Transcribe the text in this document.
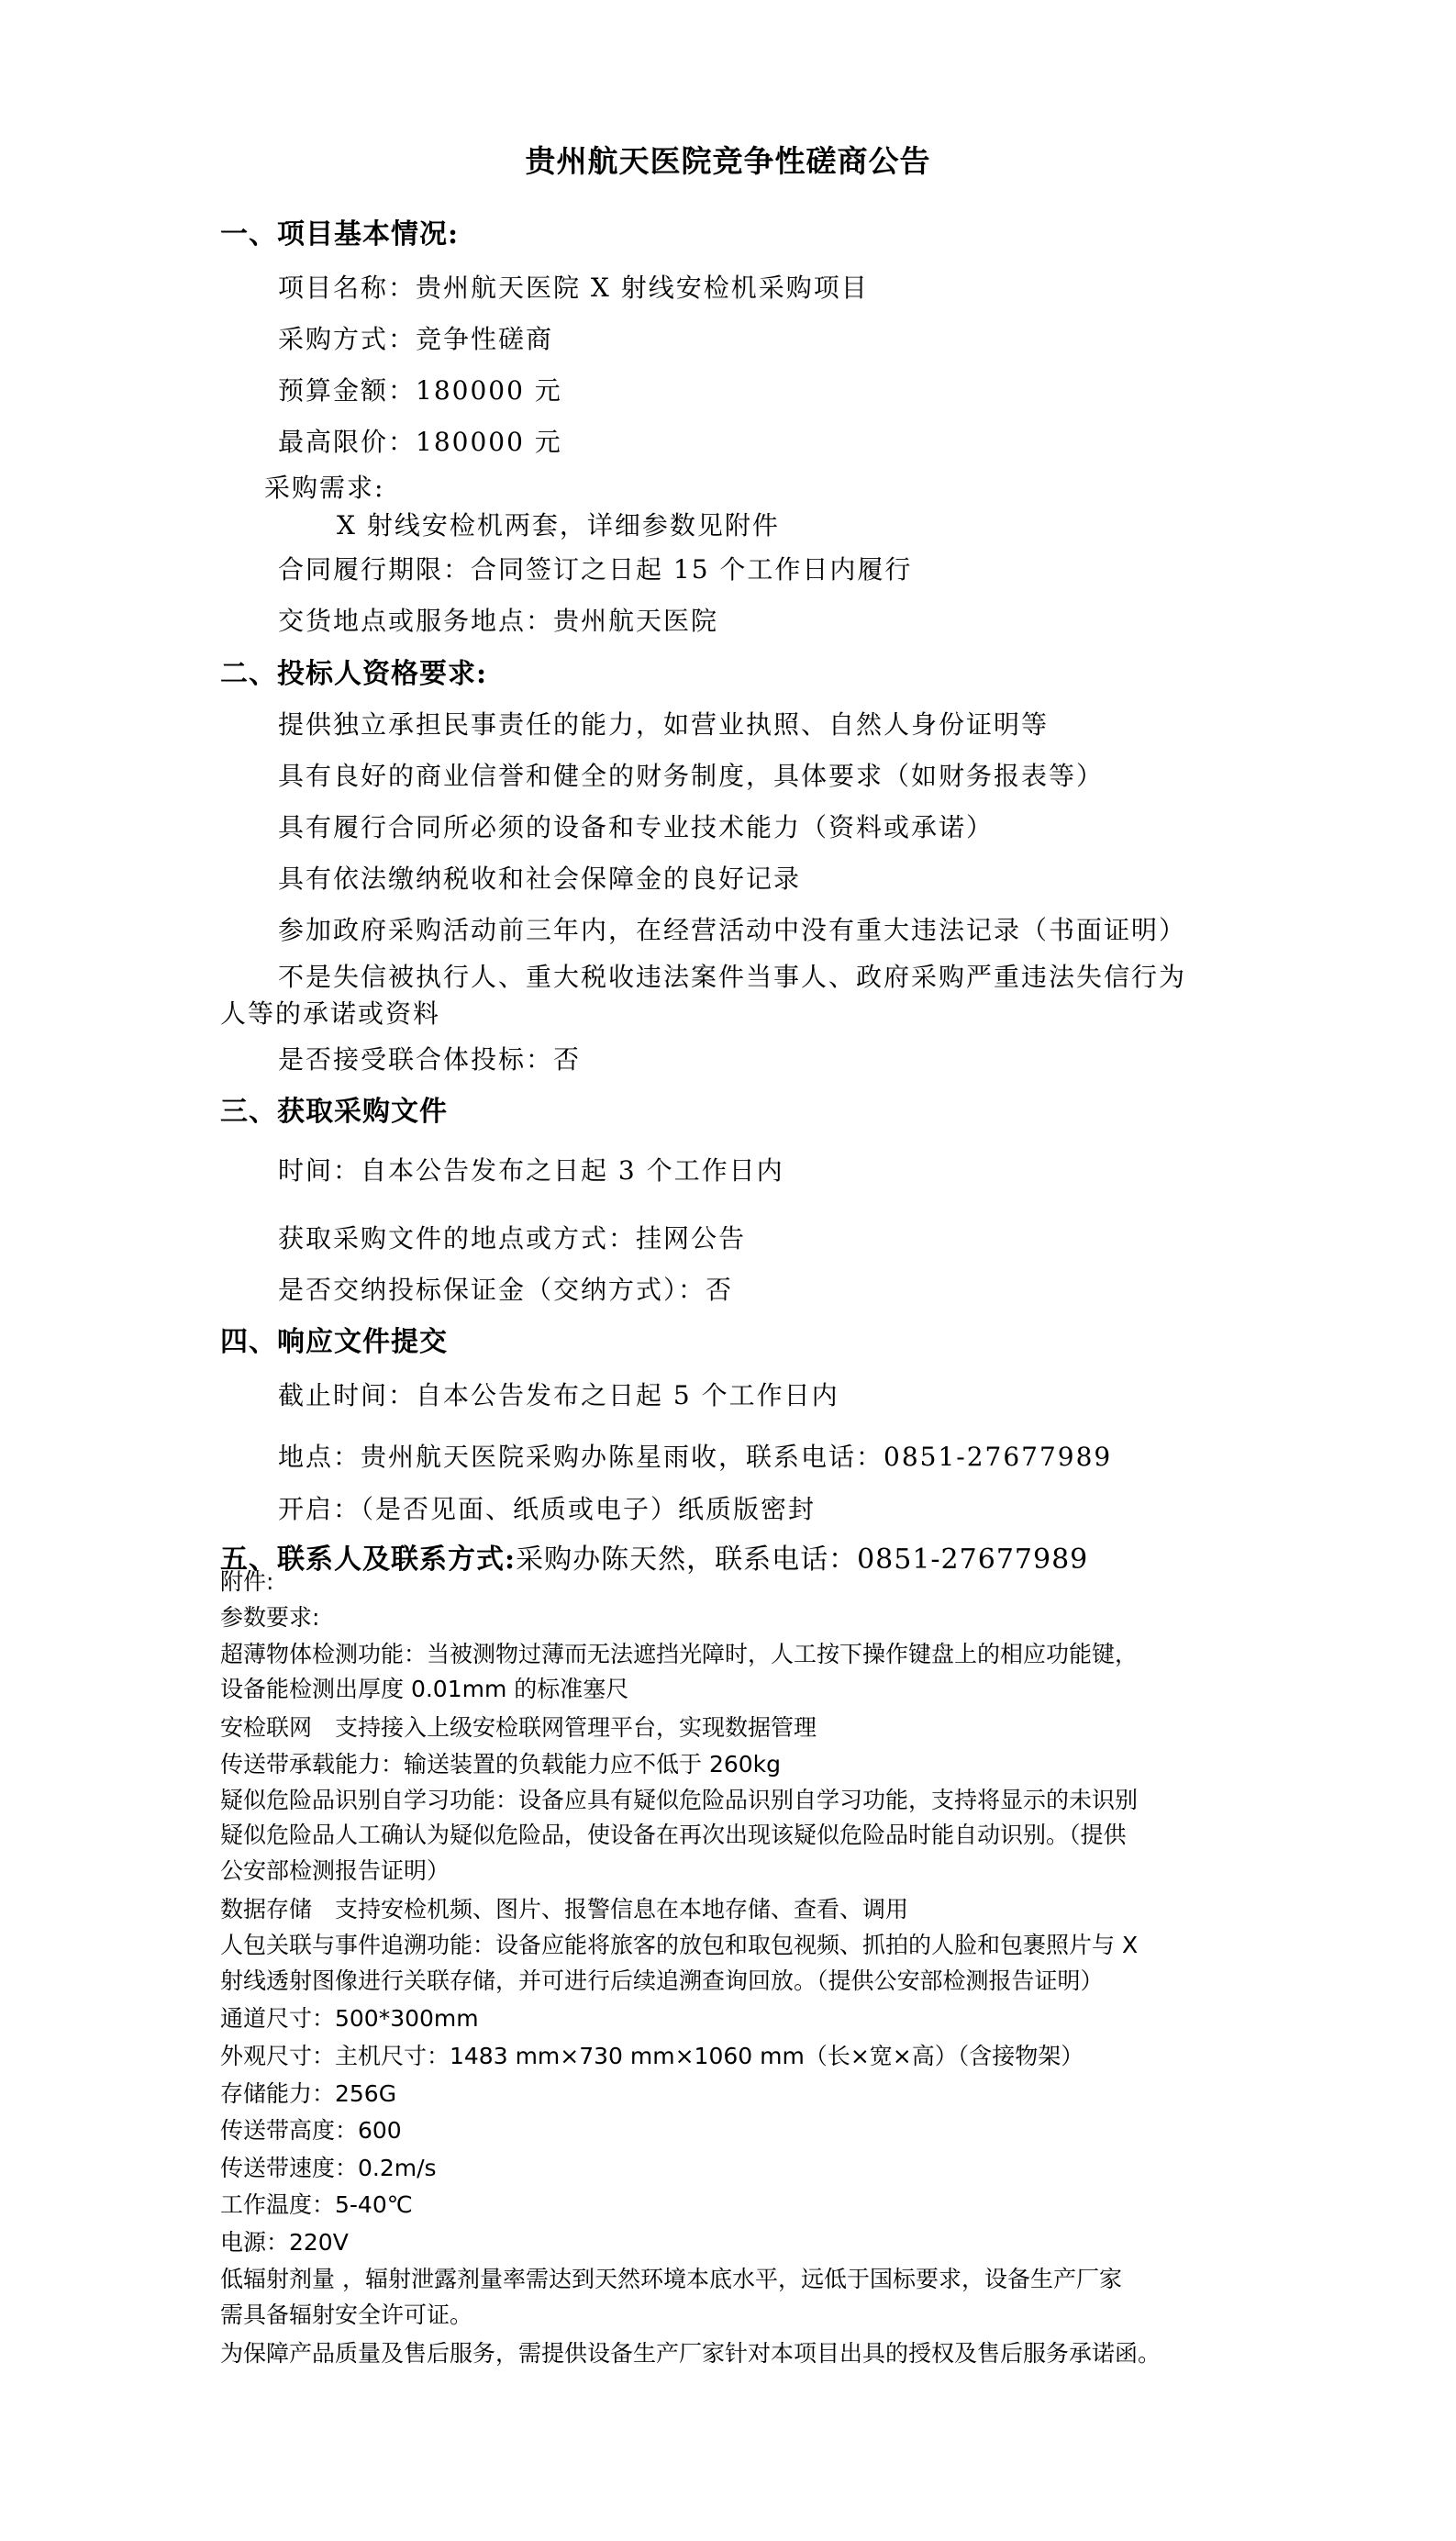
贵州航天医院竞争性磋商公告
一、项目基本情况:
项目名称：贵州航天医院 X 射线安检机采购项目
采购方式：竞争性磋商
预算金额：180000 元
最高限价：180000 元
采购需求:
X 射线安检机两套，详细参数见附件
合同履行期限：合同签订之日起 15 个工作日内履行
交货地点或服务地点：贵州航天医院
二、投标人资格要求:
提供独立承担民事责任的能力，如营业执照、自然人身份证明等
具有良好的商业信誉和健全的财务制度，具体要求（如财务报表等）
具有履行合同所必须的设备和专业技术能力（资料或承诺）
具有依法缴纳税收和社会保障金的良好记录
参加政府采购活动前三年内，在经营活动中没有重大违法记录（书面证明）
不是失信被执行人、重大税收违法案件当事人、政府采购严重违法失信行为
人等的承诺或资料
是否接受联合体投标：否
三、获取采购文件
时间：自本公告发布之日起 3 个工作日内
获取采购文件的地点或方式：挂网公告
是否交纳投标保证金（交纳方式）：否
四、响应文件提交
截止时间：自本公告发布之日起 5 个工作日内
地点：贵州航天医院采购办陈星雨收，联系电话：0851-27677989
开启：（是否见面、纸质或电子）纸质版密封
五、联系人及联系方式:采购办陈天然，联系电话：0851-27677989
附件:
参数要求:
超薄物体检测功能：当被测物过薄而无法遮挡光障时，人工按下操作键盘上的相应功能键，
设备能检测出厚度 0.01mm 的标准塞尺
安检联网　支持接入上级安检联网管理平台，实现数据管理
传送带承载能力：输送装置的负载能力应不低于 260kg
疑似危险品识别自学习功能：设备应具有疑似危险品识别自学习功能，支持将显示的未识别
疑似危险品人工确认为疑似危险品，使设备在再次出现该疑似危险品时能自动识别。（提供
公安部检测报告证明）
数据存储　支持安检机频、图片、报警信息在本地存储、查看、调用
人包关联与事件追溯功能：设备应能将旅客的放包和取包视频、抓拍的人脸和包裹照片与 X
射线透射图像进行关联存储，并可进行后续追溯查询回放。（提供公安部检测报告证明）
通道尺寸：500*300mm
外观尺寸：主机尺寸：1483 mm×730 mm×1060 mm（长×宽×高）（含接物架）
存储能力：256G
传送带高度：600
传送带速度：0.2m/s
工作温度：5-40℃
电源：220V
低辐射剂量 ，辐射泄露剂量率需达到天然环境本底水平，远低于国标要求，设备生产厂家
需具备辐射安全许可证。
为保障产品质量及售后服务，需提供设备生产厂家针对本项目出具的授权及售后服务承诺函。
